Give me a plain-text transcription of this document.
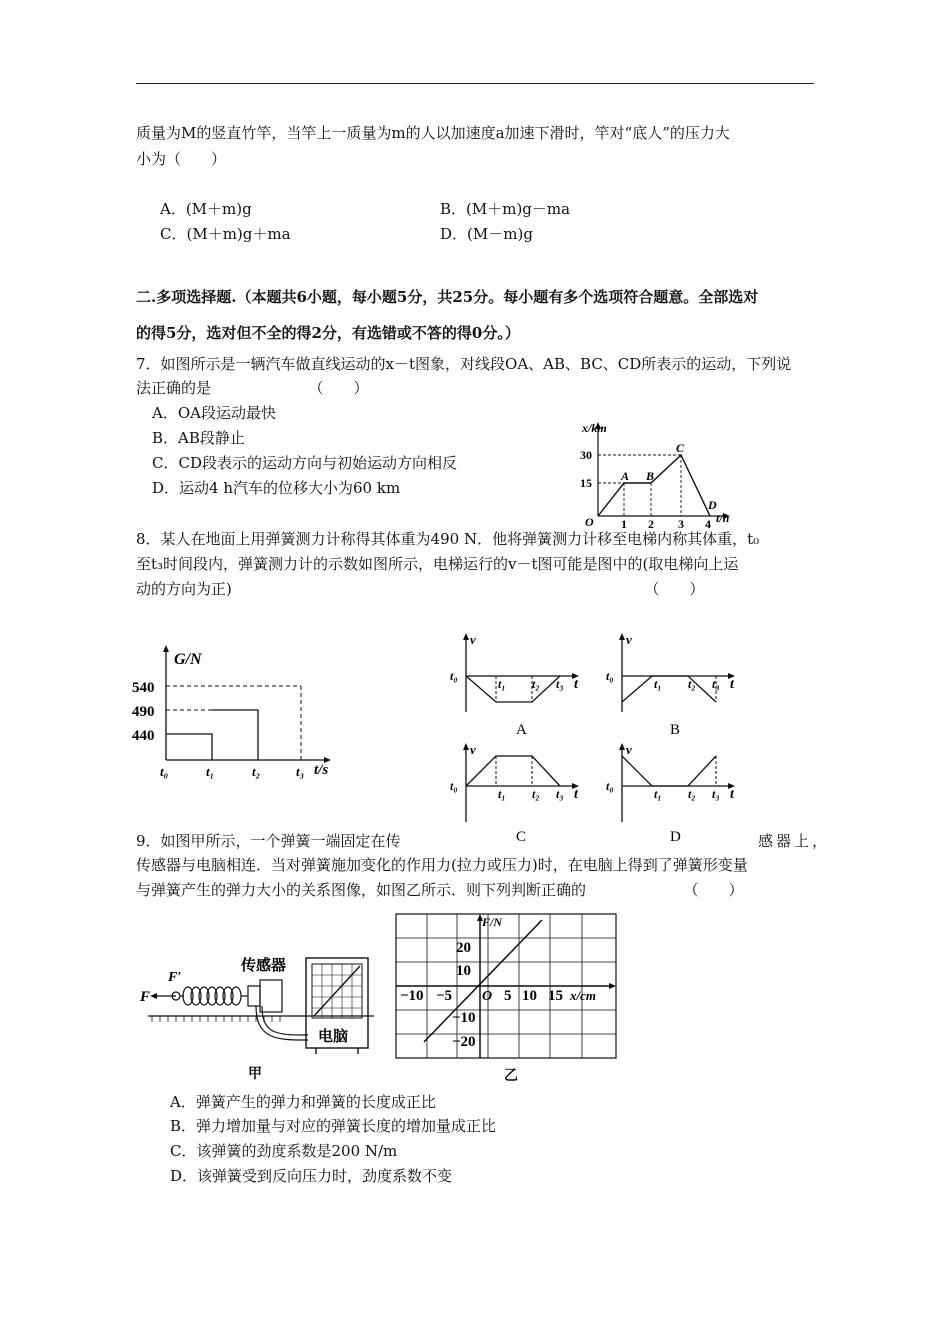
质量为M的竖直竹竿，当竿上一质量为m的人以加速度a加速下滑时，竿对“底人”的压力大
小为（　　）
A．(M＋m)g	B．(M＋m)g－ma
C．(M＋m)g＋ma	D．(M－m)g
二.多项选择题.（本题共6小题，每小题5分，共25分。每小题有多个选项符合题意。全部选对
的得5分，选对但不全的得2分，有选错或不答的得0分。）
7．如图所示是一辆汽车做直线运动的x－t图象，对线段OA、AB、BC、CD所表示的运动，下列说
法正确的是　　　　　　　（　　）
A．OA段运动最快
B．AB段静止
C．CD段表示的运动方向与初始运动方向相反
D．运动4 h汽车的位移大小为60 km
x/km
t/h
O
30
15
1 2 3 4
A B
C
D
8．某人在地面上用弹簧测力计称得其体重为490 N．他将弹簧测力计移至电梯内称其体重，t₀
至t₃时间段内，弹簧测力计的示数如图所示，电梯运行的v－t图可能是图中的(取电梯向上运
动的方向为正)　　　　　　　　　　　　　　　　　　　　　　　　　　　　（　　）
G/N
540
490
440
t₀	t₁	t₂	t₃ t/s
v
t₀
t₁ t₂ t₃ t
A
v
t₀
t₁ t₂ t₃ t
B
v
t₀
t₁ t₂ t₃ t
C
v
t₀
t₁ t₂ t₃ t
D
9．如图甲所示，一个弹簧一端固定在传	感器上，
传感器与电脑相连．当对弹簧施加变化的作用力(拉力或压力)时，在电脑上得到了弹簧形变量
与弹簧产生的弹力大小的关系图像，如图乙所示．则下列判断正确的　　　　　　　（　　）
F
F′
传感器
电脑
甲
F/N
20
10
−10
−20
−10 −5 O 5 10 15 x/cm
乙
A．弹簧产生的弹力和弹簧的长度成正比
B．弹力增加量与对应的弹簧长度的增加量成正比
C．该弹簧的劲度系数是200 N/m
D．该弹簧受到反向压力时，劲度系数不变
